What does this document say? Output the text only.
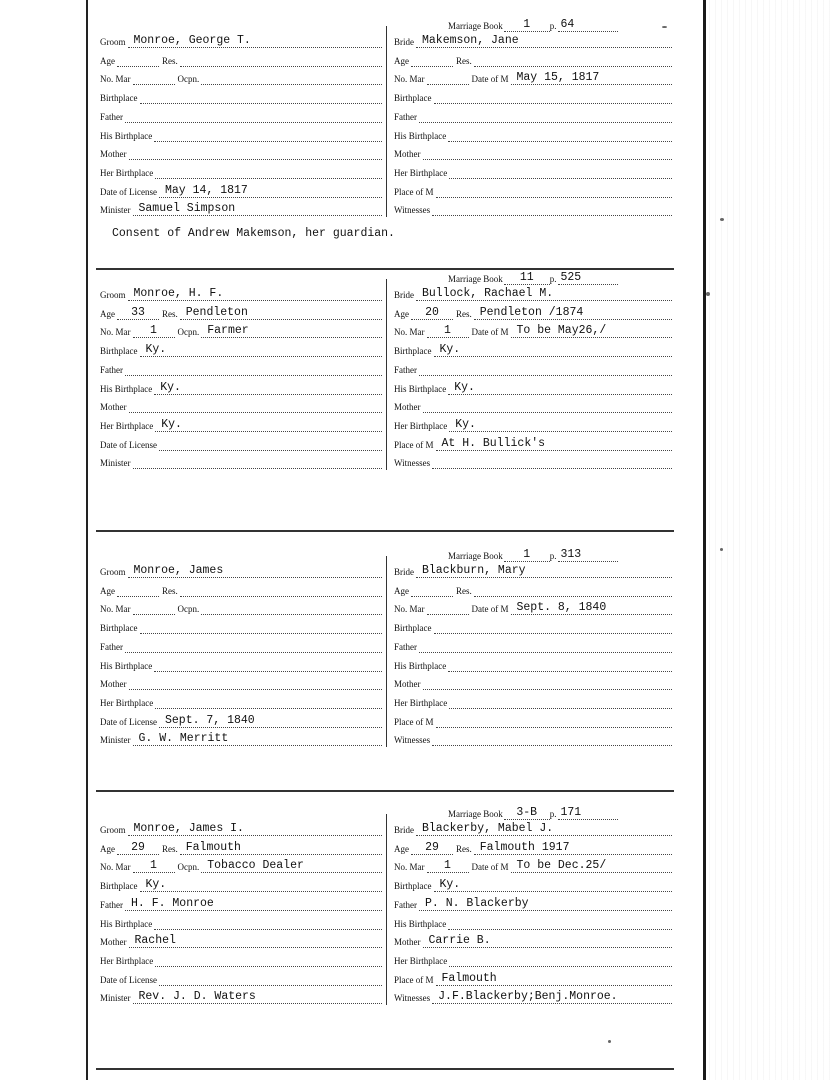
Marriage Book 1 p. 64
Groom Monroe, George T.
Age	Res.
No. Mar	Ocpn.
Birthplace
Father
His Birthplace
Mother
Her Birthplace
Date of License May 14, 1817
Minister Samuel Simpson
Bride Makemson, Jane
Age	Res.
No. Mar	Date of M May 15, 1817
Birthplace
Father
His Birthplace
Mother
Her Birthplace
Place of M
Witnesses
Consent of Andrew Makemson, her guardian.
Marriage Book 11 p. 525
Groom Monroe, H. F.
Age 33 Res. Pendleton
No. Mar 1 Ocpn. Farmer
Birthplace Ky.
Father
His Birthplace Ky.
Mother
Her Birthplace Ky.
Date of License
Minister
Bride Bullock, Rachael M.
Age 20 Res. Pendleton /1874
No. Mar 1 Date of M To be May26,/
Birthplace Ky.
Father
His Birthplace Ky.
Mother
Her Birthplace Ky.
Place of M At H. Bullick's
Witnesses
Marriage Book 1 p. 313
Groom Monroe, James
Age	Res.
No. Mar	Ocpn.
Birthplace
Father
His Birthplace
Mother
Her Birthplace
Date of License Sept. 7, 1840
Minister G. W. Merritt
Bride Blackburn, Mary
Age	Res.
No. Mar	Date of M Sept. 8, 1840
Birthplace
Father
His Birthplace
Mother
Her Birthplace
Place of M
Witnesses
Marriage Book 3-B p. 171
Groom Monroe, James I.
Age 29 Res. Falmouth
No. Mar 1 Ocpn. Tobacco Dealer
Birthplace Ky.
Father H. F. Monroe
His Birthplace
Mother Rachel
Her Birthplace
Date of License
Minister Rev. J. D. Waters
Bride Blackerby, Mabel J.
Age 29 Res. Falmouth 1917
No. Mar 1 Date of M To be Dec.25/
Birthplace Ky.
Father P. N. Blackerby
His Birthplace
Mother Carrie B.
Her Birthplace
Place of M Falmouth
Witnesses J.F.Blackerby;Benj.Monroe.
